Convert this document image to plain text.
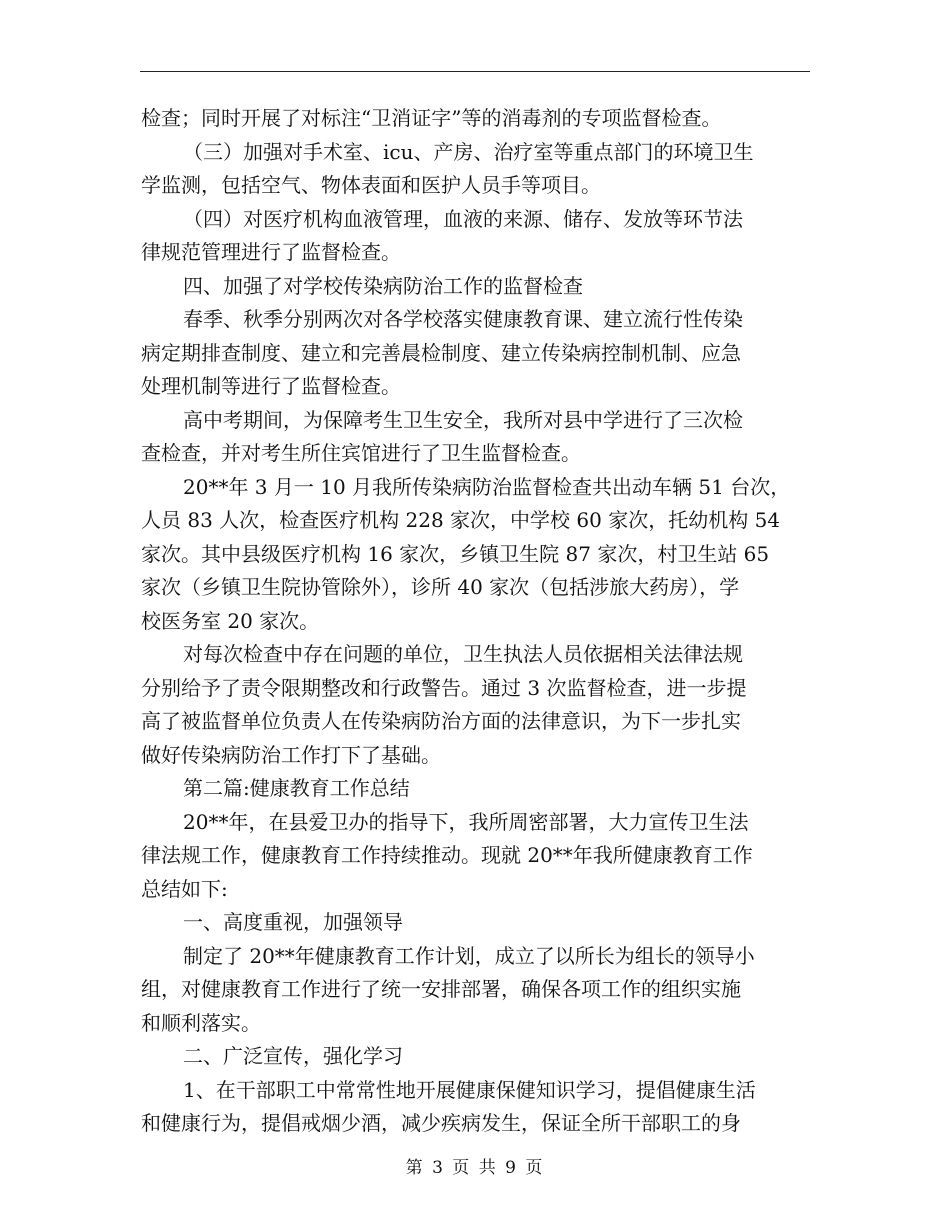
检查；同时开展了对标注“卫消证字”等的消毒剂的专项监督检查。
（三）加强对手术室、icu、产房、治疗室等重点部门的环境卫生
学监测，包括空气、物体表面和医护人员手等项目。
（四）对医疗机构血液管理，血液的来源、储存、发放等环节法
律规范管理进行了监督检查。
四、加强了对学校传染病防治工作的监督检查
春季、秋季分别两次对各学校落实健康教育课、建立流行性传染
病定期排查制度、建立和完善晨检制度、建立传染病控制机制、应急
处理机制等进行了监督检查。
高中考期间，为保障考生卫生安全，我所对县中学进行了三次检
查检查，并对考生所住宾馆进行了卫生监督检查。
20**年 3 月一 10 月我所传染病防治监督检查共出动车辆 51 台次，
人员 83 人次，检查医疗机构 228 家次，中学校 60 家次，托幼机构 54
家次。其中县级医疗机构 16 家次，乡镇卫生院 87 家次，村卫生站 65
家次（乡镇卫生院协管除外），诊所 40 家次（包括涉旅大药房），学
校医务室 20 家次。
对每次检查中存在问题的单位，卫生执法人员依据相关法律法规
分别给予了责令限期整改和行政警告。通过 3 次监督检查，进一步提
高了被监督单位负责人在传染病防治方面的法律意识，为下一步扎实
做好传染病防治工作打下了基础。
第二篇:健康教育工作总结
20**年，在县爱卫办的指导下，我所周密部署，大力宣传卫生法
律法规工作，健康教育工作持续推动。现就 20**年我所健康教育工作
总结如下:
一、高度重视，加强领导
制定了 20**年健康教育工作计划，成立了以所长为组长的领导小
组，对健康教育工作进行了统一安排部署，确保各项工作的组织实施
和顺利落实。
二、广泛宣传，强化学习
1、在干部职工中常常性地开展健康保健知识学习，提倡健康生活
和健康行为，提倡戒烟少酒，减少疾病发生，保证全所干部职工的身
第 3 页 共 9 页
